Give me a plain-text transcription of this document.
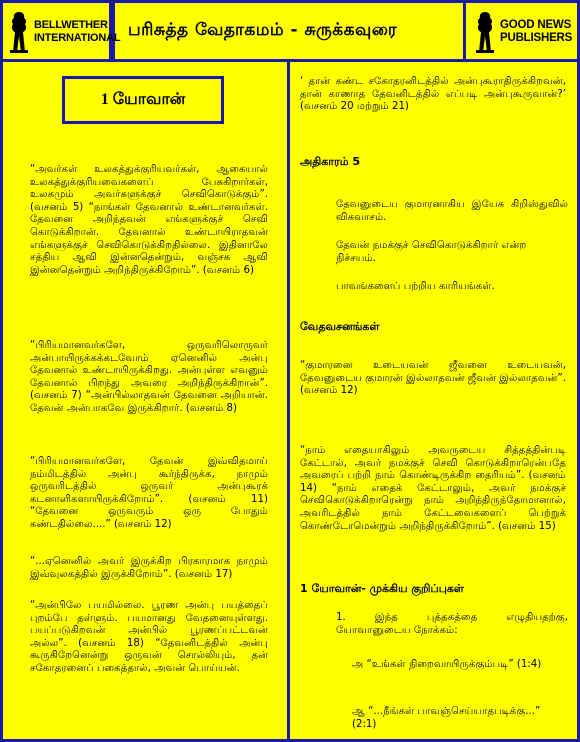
BELLWETHER
INTERNATIONAL பரிசுத்த வேதாகமம் - சுருக்கவுரை	GOOD NEWS
PUBLISHERS
1 யோவான்

“அவர்கள் உலகத்துக்குரியவர்கள், ஆகையால் உலகத்துக்குரியவைகளைப் பேசுகிறார்கள், உலகமும் அவர்களுக்குச் செவிகொடுக்கும்”. (வசனம் 5) “நாங்கள் தேவனால் உண்டானவர்கள். தேவனை அறிந்தவன் எங்களுக்குச் செவி கொடுக்கிறான். தேவனால் உண்டாயிராதவன் எங்களுக்குச் செவிகொடுக்கிறதில்லை. இதினாலே சத்திய ஆவி இன்னதென்றும், வஞ்சக ஆவி இன்னதென்றும் அறிந்திருக்கிறோம்”. (வசனம் 6)

“பிரியமானவர்களே, ஒருவரிலொருவர் அன்பாயிருக்கக்கடவோம் ஏனெனில் அன்பு தேவனால் உண்டாயிருக்கிறது. அன்புள்ள எவனும் தேவனால் பிறந்து அவரை அறிந்திருக்கிறான்”. (வசனம் 7) “அன்பில்லாதவன் தேவனை அறியான். தேவன் அன்பாகவே இருக்கிறார். (வசனம் 8)

“பிரியமானவர்களே, தேவன் இவ்விதமாய் நம்மிடத்தில் அன்பு கூர்ந்திருக்க, நாமும் ஒருவரிடத்தில் ஒருவர் அன்புகூரக் கடனாளிகளாயிருக்கிறோம்”. (வசனம் 11) “தேவனை ஒருவரும் ஒரு போதும் கண்டதில்லை....” (வசனம் 12)

“...ஏனெனில் அவர் இருக்கிற பிரகாரமாக நாமும் இவ்வுலகத்தில் இருக்கிறோம்”. (வசனம் 17)

“அன்பிலே பயமில்லை. பூரண அன்பு பயத்தைப் புறம்பே தள்ளும். பயமானது வேதனையுள்ளது. பயப்படுகிறவன் அன்பில் பூரணப்பட்டவன் அல்ல”. (வசனம் 18) “தேவனிடத்தில் அன்பு கூருகிறேனென்று ஒருவன் சொல்லியும், தன் சகோதரனைப் பகைத்தால், அவன் பொய்யன்.

‘ தான் கண்ட சகோதரனிடத்தில் அன்புகூராதிருக்கிறவன், தான் காணாத தேவனிடத்தில் எப்படி அன்புகூருவான்?’ (வசனம் 20 மற்றும் 21)

அதிகாரம் 5

தேவனுடைய குமாரனாகிய இயேசு கிறிஸ்துவில் விசுவாசம்.

தேவன் நமக்குச் செவிகொடுக்கிறார் என்ற நிச்சயம்.

பாவங்களைப் பற்றிய காரியங்கள்.

வேதவசனங்கள்

“குமாரனை உடையவன் ஜீவனை உடையவன், தேவனுடைய குமாரன் இல்லாதவன் ஜீவன் இல்லாதவன்”. (வசனம் 12)

“நாம் எதையாகிலும் அவருடைய சித்தத்தின்படி கேட்டால், அவர் நமக்குச் செவி கொடுக்கிறாரென்பதே அவரைப் பற்றி நாம் கொண்டிருக்கிற தைரியம்”. (வசனம் 14) “நாம் எதைக் கேட்டாலும், அவர் நமக்குச் செவிகொடுக்கிறாரென்று நாம் அறிந்திருந்தோமானால், அவரிடத்தில் நாம் கேட்டவைகளைப் பெற்றுக் கொண்டோமென்றும் அறிந்திருக்கிறோம்”. (வசனம் 15)

1 யோவான்- முக்கிய குறிப்புகள்

1. இந்த புத்தகத்தை எழுதியதற்கு, யோவானுடைய நோக்கம்:

அ “உங்கள் நிறைவாயிருக்கும்படி” (1:4)

ஆ “...நீங்கள் பாவஞ்செய்யாதபடிக்கு...” (2:1)
